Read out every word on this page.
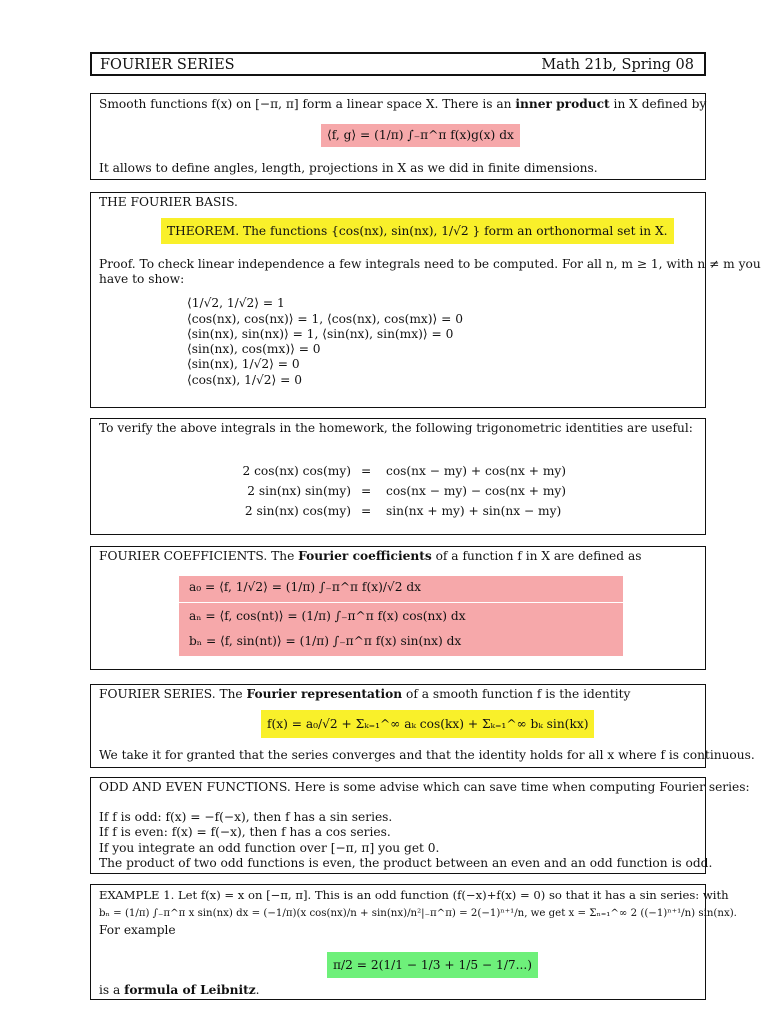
FOURIER SERIES	Math 21b, Spring 08
Smooth functions f(x) on [−π, π] form a linear space X. There is an inner product in X defined by
⟨f, g⟩ = (1/π) ∫₋π^π f(x)g(x) dx
It allows to define angles, length, projections in X as we did in finite dimensions.
THE FOURIER BASIS.
THEOREM. The functions {cos(nx), sin(nx), 1/√2 } form an orthonormal set in X.
Proof. To check linear independence a few integrals need to be computed. For all n, m ≥ 1, with n ≠ m you
have to show:
⟨1/√2, 1/√2⟩ = 1
⟨cos(nx), cos(nx)⟩ = 1, ⟨cos(nx), cos(mx)⟩ = 0
⟨sin(nx), sin(nx)⟩ = 1, ⟨sin(nx), sin(mx)⟩ = 0
⟨sin(nx), cos(mx)⟩ = 0
⟨sin(nx), 1/√2⟩ = 0
⟨cos(nx), 1/√2⟩ = 0
To verify the above integrals in the homework, the following trigonometric identities are useful:
2 cos(nx) cos(my) = cos(nx − my) + cos(nx + my)
2 sin(nx) sin(my) = cos(nx − my) − cos(nx + my)
2 sin(nx) cos(my) = sin(nx + my) + sin(nx − my)
FOURIER COEFFICIENTS. The Fourier coefficients of a function f in X are defined as
a₀ = ⟨f, 1/√2⟩ = (1/π) ∫₋π^π f(x)/√2 dx
aₙ = ⟨f, cos(nt)⟩ = (1/π) ∫₋π^π f(x) cos(nx) dx
bₙ = ⟨f, sin(nt)⟩ = (1/π) ∫₋π^π f(x) sin(nx) dx
FOURIER SERIES. The Fourier representation of a smooth function f is the identity
f(x) = a₀/√2 + Σₖ₌₁^∞ aₖ cos(kx) + Σₖ₌₁^∞ bₖ sin(kx)
We take it for granted that the series converges and that the identity holds for all x where f is continuous.
ODD AND EVEN FUNCTIONS. Here is some advise which can save time when computing Fourier series:
If f is odd: f(x) = −f(−x), then f has a sin series.
If f is even: f(x) = f(−x), then f has a cos series.
If you integrate an odd function over [−π, π] you get 0.
The product of two odd functions is even, the product between an even and an odd function is odd.
EXAMPLE 1. Let f(x) = x on [−π, π]. This is an odd function (f(−x)+f(x) = 0) so that it has a sin series: with
bₙ = (1/π) ∫₋π^π x sin(nx) dx = (−1/π)(x cos(nx)/n + sin(nx)/n²|₋π^π) = 2(−1)ⁿ⁺¹/n, we get x = Σₙ₌₁^∞ 2 ((−1)ⁿ⁺¹/n) sin(nx).
For example
π/2 = 2(1/1 − 1/3 + 1/5 − 1/7...)
is a formula of Leibnitz.
